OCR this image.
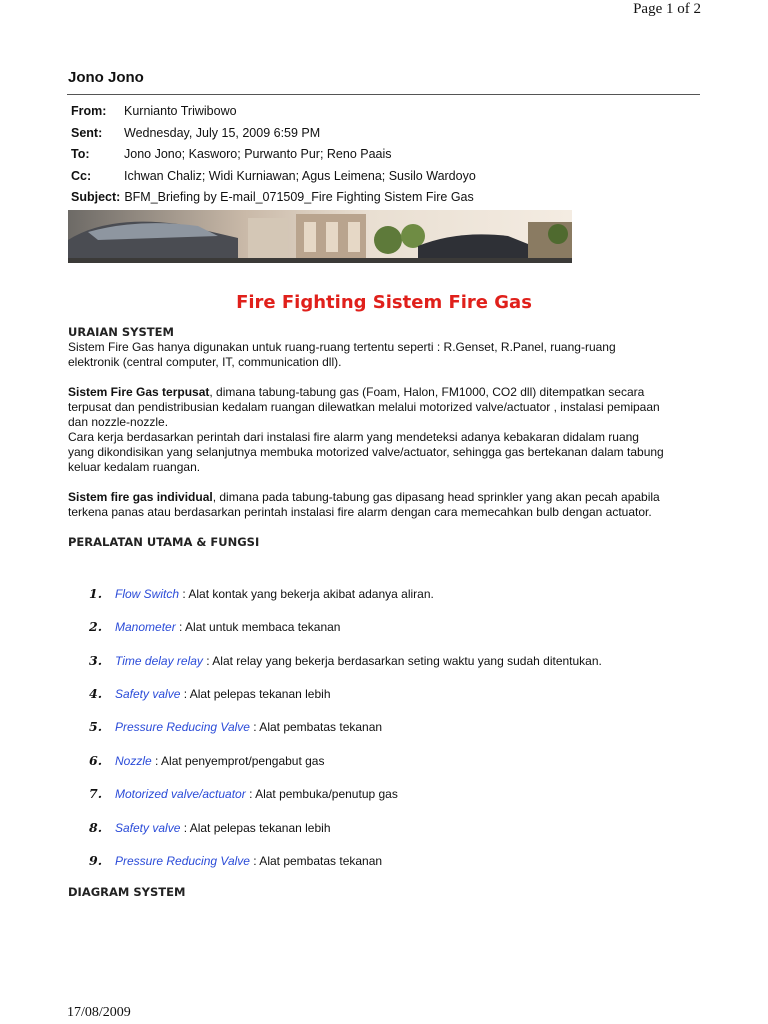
Page 1 of 2
Jono Jono
From:	Kurnianto Triwibowo
Sent:	Wednesday, July 15, 2009 6:59 PM
To:	Jono Jono; Kasworo; Purwanto Pur; Reno Paais
Cc:	Ichwan Chaliz; Widi Kurniawan; Agus Leimena; Susilo Wardoyo
Subject: BFM_Briefing by E-mail_071509_Fire Fighting Sistem Fire Gas
Fire Fighting Sistem Fire Gas
URAIAN SYSTEM

Sistem Fire Gas hanya digunakan untuk ruang-ruang tertentu seperti : R.Genset, R.Panel, ruang-ruang elektronik (central computer, IT, communication dll).

Sistem Fire Gas terpusat, dimana tabung-tabung gas (Foam, Halon, FM1000, CO2 dll) ditempatkan secara terpusat dan pendistribusian kedalam ruangan dilewatkan melalui motorized valve/actuator , instalasi pemipaan dan nozzle-nozzle.

Cara kerja berdasarkan perintah dari instalasi fire alarm yang mendeteksi adanya kebakaran didalam ruang yang dikondisikan yang selanjutnya membuka motorized valve/actuator, sehingga gas bertekanan dalam tabung keluar kedalam ruangan.

Sistem fire gas individual, dimana pada tabung-tabung gas dipasang head sprinkler yang akan pecah apabila terkena panas atau berdasarkan perintah instalasi fire alarm dengan cara memecahkan bulb dengan actuator.

PERALATAN UTAMA & FUNGSI
1. Flow Switch : Alat kontak yang bekerja akibat adanya aliran.
2. Manometer : Alat untuk membaca tekanan
3. Time delay relay : Alat relay yang bekerja berdasarkan seting waktu yang sudah ditentukan.
4. Safety valve : Alat pelepas tekanan lebih
5. Pressure Reducing Valve : Alat pembatas tekanan
6. Nozzle : Alat penyemprot/pengabut gas
7. Motorized valve/actuator : Alat pembuka/penutup gas
8. Safety valve : Alat pelepas tekanan lebih
9. Pressure Reducing Valve : Alat pembatas tekanan
DIAGRAM SYSTEM
17/08/2009
